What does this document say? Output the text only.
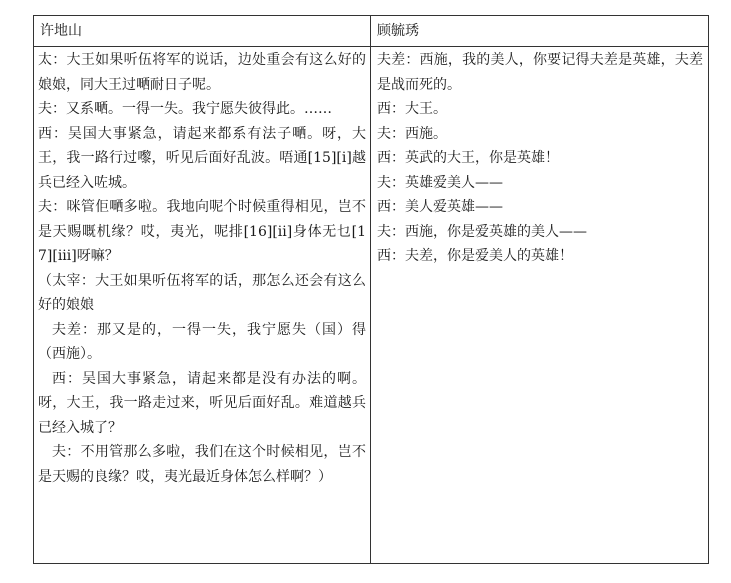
许地山	顾毓琇

太：大王如果听伍将军的说话，边处重会有这么好的娘娘，同大王过嗮耐日子呢。

夫：又系嗮。一得一失。我宁愿失彼得此。……

西：吴国大事紧急，请起来都系有法子嗮。呀，大王，我一路行过嚟，听见后面好乱波。唔通[15][i]越兵已经入咗城。

夫：咪管佢嗮多啦。我地向呢个时候重得相见，岂不是天赐嘅机缘？哎，夷光，呢排[16][ii]身体无乜[17][iii]呀嘛？

（太宰：大王如果听伍将军的话，那怎么还会有这么好的娘娘

夫差：那又是的，一得一失，我宁愿失（国）得（西施）。

西：吴国大事紧急，请起来都是没有办法的啊。呀，大王，我一路走过来，听见后面好乱。难道越兵已经入城了？

夫：不用管那么多啦，我们在这个时候相见，岂不是天赐的良缘？哎，夷光最近身体怎么样啊？）

夫差：西施，我的美人，你要记得夫差是英雄，夫差是战而死的。

西：大王。

夫：西施。

西：英武的大王，你是英雄！

夫：英雄爱美人——

西：美人爱英雄——

夫：西施，你是爱英雄的美人——

西：夫差，你是爱美人的英雄！
